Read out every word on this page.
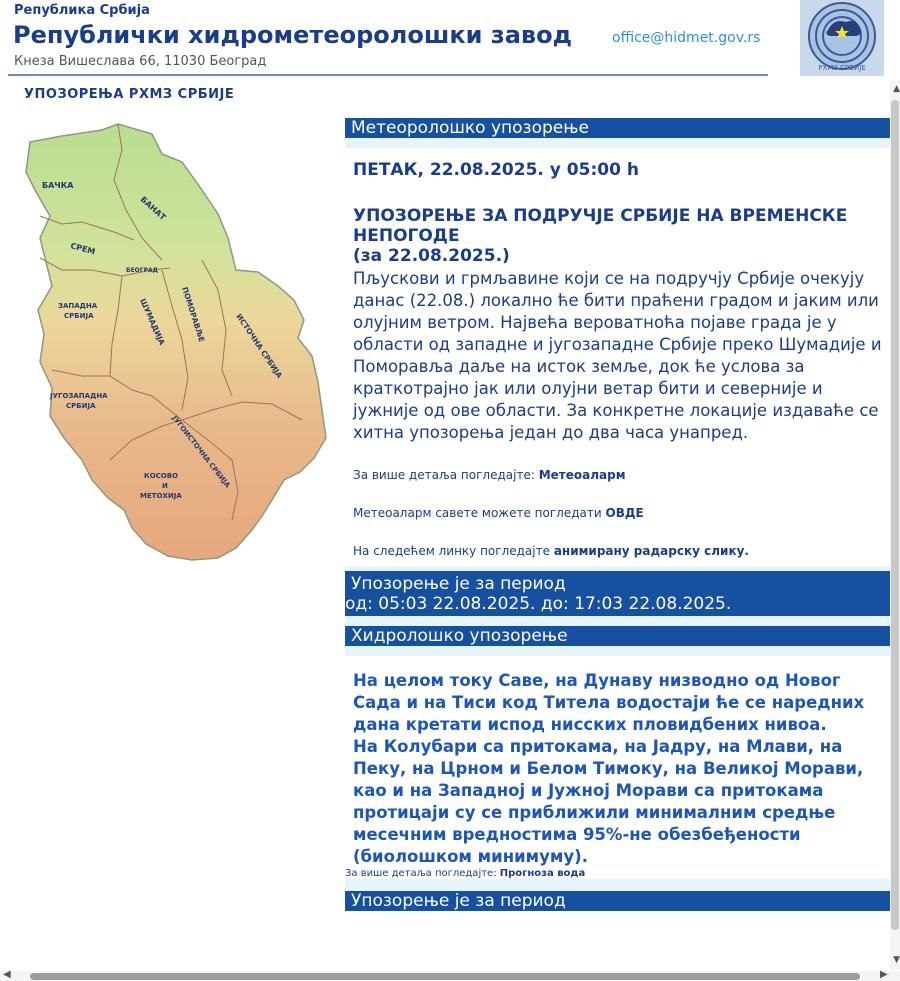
Република Србија
Републички хидрометеоролошки завод
Кнеза Вишеслава 66, 11030 Београд
office@hidmet.gov.rs
РХМЗ СРБИЈЕ
УПОЗОРЕЊА РХМЗ СРБИЈЕ
БАЧКА
БАНАТ
СРЕМ
БЕОГРАД
ЗАПАДНА
СРБИЈА	ШУМАДИЈА ПОМОРАВЉЕ	ИСТОЧНА СРБИЈА
ЈУГОЗАПАДНА
СРБИЈА
ЈУГОИСТОЧНА СРБИЈА
КОСОВО
И
МЕТОХИЈА
Метеоролошко упозорење
ПЕТАК, 22.08.2025. у 05:00 h
УПОЗОРЕЊЕ ЗА ПОДРУЧЈЕ СРБИЈЕ НА ВРЕМЕНСКЕ
НЕПОГОДЕ
(за 22.08.2025.)
Пљускови и грмљавине који се на подручју Србије очекују данас (22.08.) локално ће бити праћени градом и јаким или олујним ветром. Највећа вероватноћа појаве града је у области од западне и југозападне Србије преко Шумадије и Поморавља даље на исток земље, док ће услова за краткотрајно јак или олујни ветар бити и северније и јужније од ове области. За конкретне локације издаваће се хитна упозорења један до два часа унапред.
За више детаља погледајте: Метеоаларм
Метеоаларм савете можете погледати ОВДЕ
На следећем линку погледајте анимирану радарску слику.
Упозорење је за период
од: 05:03 22.08.2025. до: 17:03 22.08.2025.
Хидролошко упозорење
На целом току Саве, на Дунаву низводно од Новог Сада и на Тиси код Титела водостаји ће се наредних дана кретати испод нисских пловидбених нивоа.
На Колубари са притокама, на Јадру, на Млави, на Пеку, на Црном и Белом Тимоку, на Великој Морави, као и на Западној и Јужној Морави са притокама протицаји су се приближили минималним средње месечним вредностима 95%-не обезбеђености (биолошком минимуму).
За више детаља погледајте: Прогноза вода
Упозорење је за период
▲
▼
◀	▶
